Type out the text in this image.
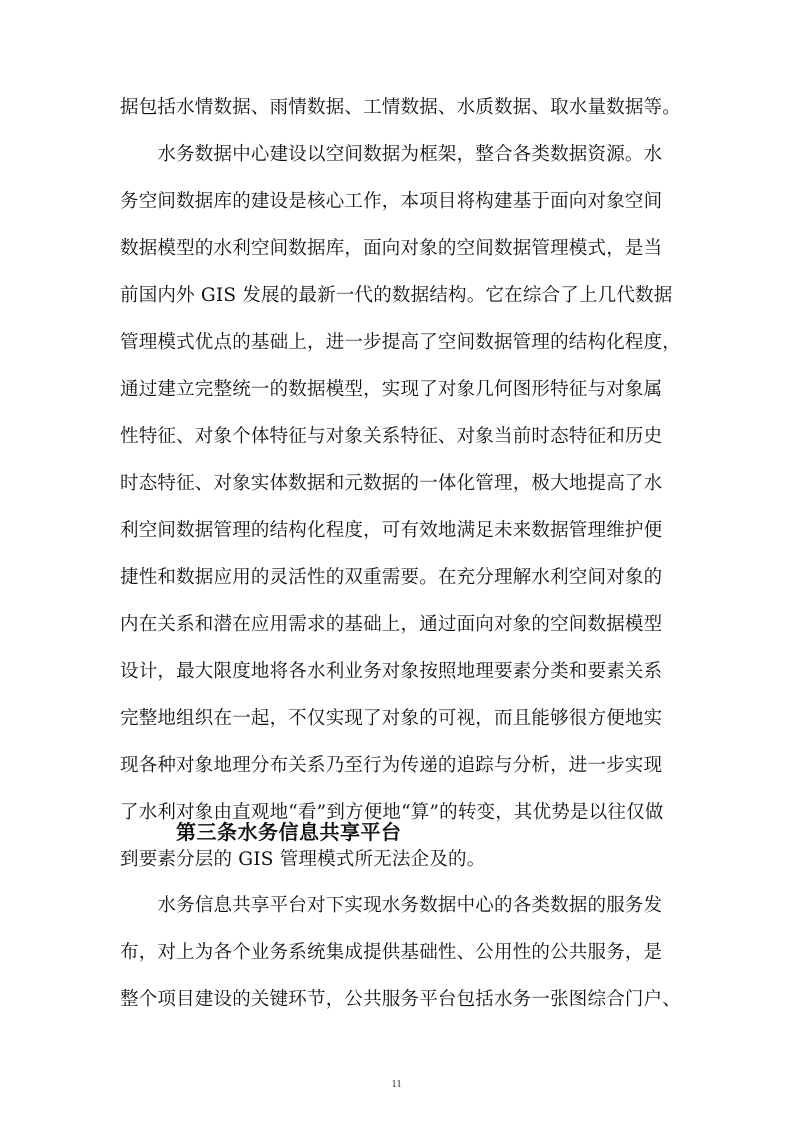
据包括水情数据、雨情数据、工情数据、水质数据、取水量数据等。
　　水务数据中心建设以空间数据为框架，整合各类数据资源。水
务空间数据库的建设是核心工作，本项目将构建基于面向对象空间
数据模型的水利空间数据库，面向对象的空间数据管理模式，是当
前国内外 GIS 发展的最新一代的数据结构。它在综合了上几代数据
管理模式优点的基础上，进一步提高了空间数据管理的结构化程度，
通过建立完整统一的数据模型，实现了对象几何图形特征与对象属
性特征、对象个体特征与对象关系特征、对象当前时态特征和历史
时态特征、对象实体数据和元数据的一体化管理，极大地提高了水
利空间数据管理的结构化程度，可有效地满足未来数据管理维护便
捷性和数据应用的灵活性的双重需要。在充分理解水利空间对象的
内在关系和潜在应用需求的基础上，通过面向对象的空间数据模型
设计，最大限度地将各水利业务对象按照地理要素分类和要素关系
完整地组织在一起，不仅实现了对象的可视，而且能够很方便地实
现各种对象地理分布关系乃至行为传递的追踪与分析，进一步实现
了水利对象由直观地“看”到方便地“算”的转变，其优势是以往仅做
到要素分层的 GIS 管理模式所无法企及的。
第三条水务信息共享平台
　　水务信息共享平台对下实现水务数据中心的各类数据的服务发
布，对上为各个业务系统集成提供基础性、公用性的公共服务，是
整个项目建设的关键环节，公共服务平台包括水务一张图综合门户、
11
